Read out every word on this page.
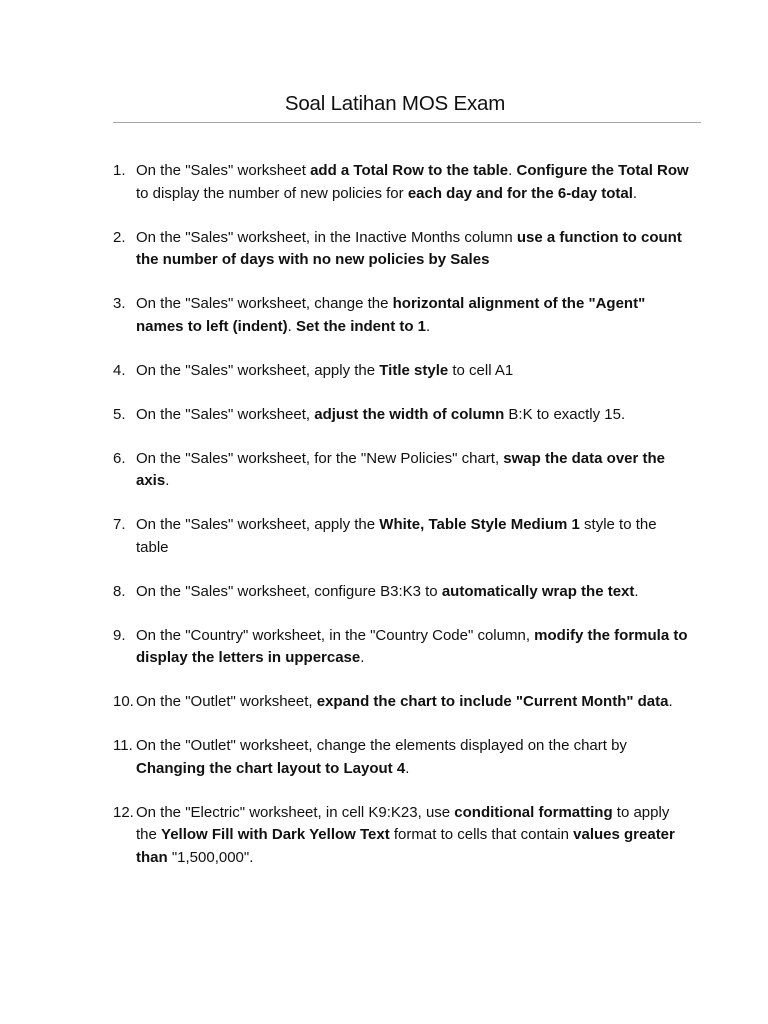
Soal Latihan MOS Exam
1. On the "Sales" worksheet add a Total Row to the table. Configure the Total Row to display the number of new policies for each day and for the 6-day total.
2. On the "Sales" worksheet, in the Inactive Months column use a function to count the number of days with no new policies by Sales
3. On the "Sales" worksheet, change the horizontal alignment of the "Agent" names to left (indent). Set the indent to 1.
4. On the "Sales" worksheet, apply the Title style to cell A1
5. On the "Sales" worksheet, adjust the width of column B:K to exactly 15.
6. On the "Sales" worksheet, for the "New Policies" chart, swap the data over the axis.
7. On the "Sales" worksheet, apply the White, Table Style Medium 1 style to the table
8. On the "Sales" worksheet, configure B3:K3 to automatically wrap the text.
9. On the "Country" worksheet, in the "Country Code" column, modify the formula to display the letters in uppercase.
10. On the "Outlet" worksheet, expand the chart to include "Current Month" data.
11. On the "Outlet" worksheet, change the elements displayed on the chart by Changing the chart layout to Layout 4.
12. On the "Electric" worksheet, in cell K9:K23, use conditional formatting to apply the Yellow Fill with Dark Yellow Text format to cells that contain values greater than "1,500,000".
